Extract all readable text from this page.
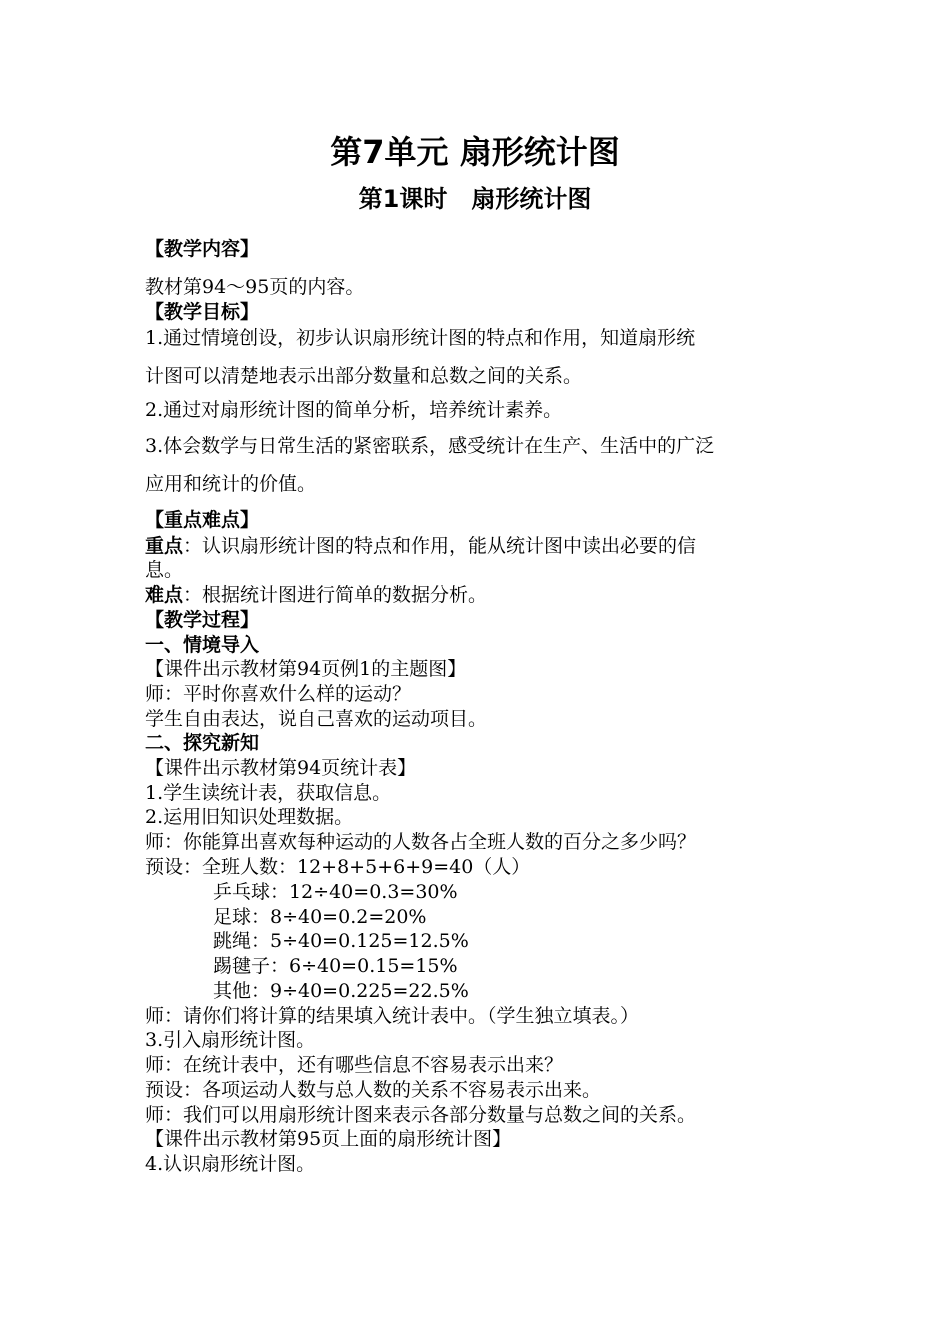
第7单元 扇形统计图
第1课时　扇形统计图
【教学内容】
教材第94～95页的内容。
【教学目标】
1.通过情境创设，初步认识扇形统计图的特点和作用，知道扇形统
计图可以清楚地表示出部分数量和总数之间的关系。
2.通过对扇形统计图的简单分析，培养统计素养。
3.体会数学与日常生活的紧密联系，感受统计在生产、生活中的广泛
应用和统计的价值。
【重点难点】
重点：认识扇形统计图的特点和作用，能从统计图中读出必要的信
息。
难点：根据统计图进行简单的数据分析。
【教学过程】
一、情境导入
【课件出示教材第94页例1的主题图】
师：平时你喜欢什么样的运动？
学生自由表达，说自己喜欢的运动项目。
二、探究新知
【课件出示教材第94页统计表】
1.学生读统计表，获取信息。
2.运用旧知识处理数据。
师：你能算出喜欢每种运动的人数各占全班人数的百分之多少吗？
预设：全班人数：12+8+5+6+9=40（人）
乒乓球：12÷40=0.3=30%
足球：8÷40=0.2=20%
跳绳：5÷40=0.125=12.5%
踢毽子：6÷40=0.15=15%
其他：9÷40=0.225=22.5%
师：请你们将计算的结果填入统计表中。（学生独立填表。）
3.引入扇形统计图。
师：在统计表中，还有哪些信息不容易表示出来？
预设：各项运动人数与总人数的关系不容易表示出来。
师：我们可以用扇形统计图来表示各部分数量与总数之间的关系。
【课件出示教材第95页上面的扇形统计图】
4.认识扇形统计图。
